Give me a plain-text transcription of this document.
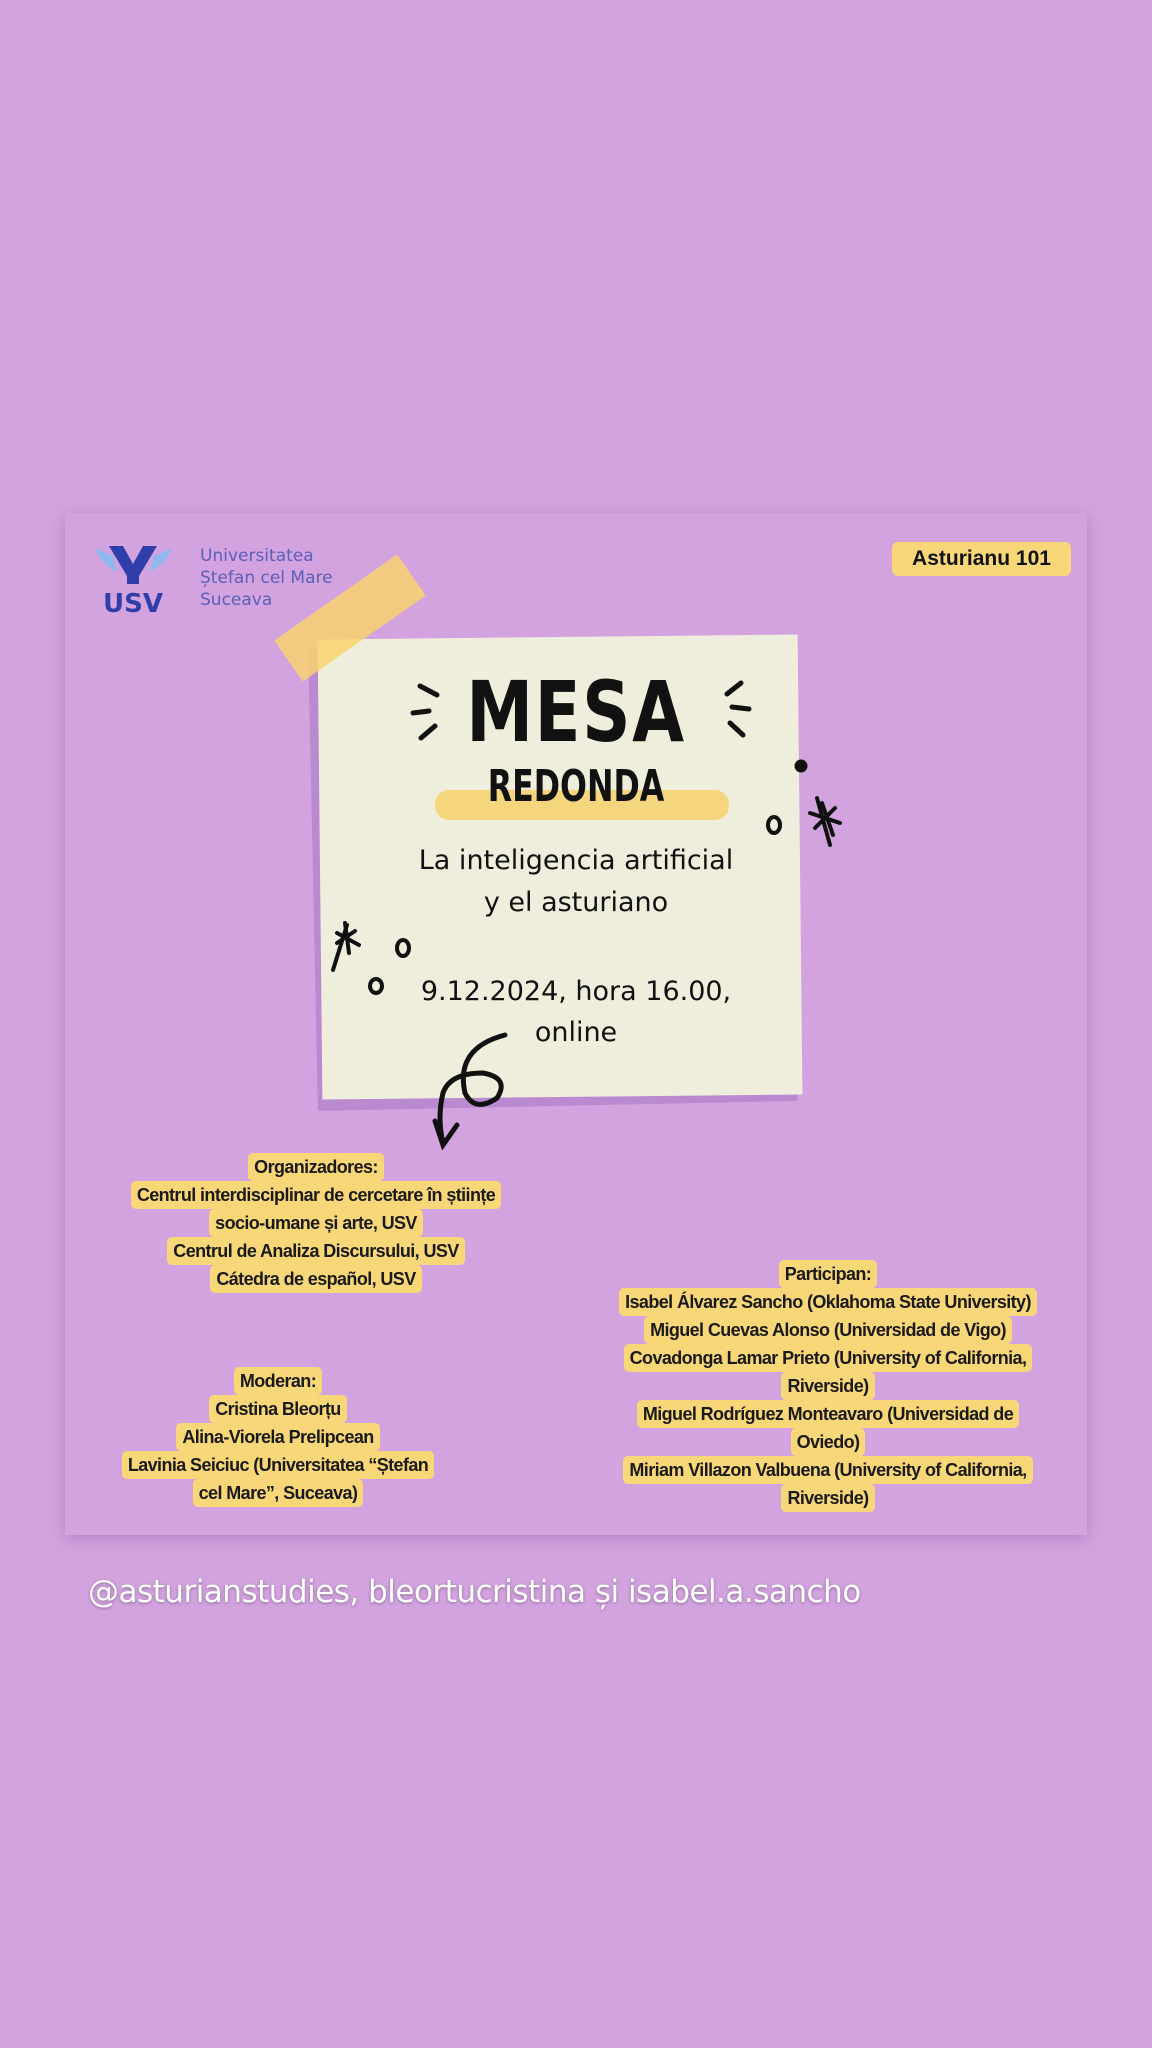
USV
Universitatea
Ștefan cel Mare
Suceava
Asturianu 101
MESA
REDONDA
La inteligencia artificial
y el asturiano
9.12.2024, hora 16.00,
online
Organizadores:
Centrul interdisciplinar de cercetare în științe
socio-umane și arte, USV
Centrul de Analiza Discursului, USV
Cátedra de español, USV	Participan:
Isabel Álvarez Sancho (Oklahoma State University)
Miguel Cuevas Alonso (Universidad de Vigo)
Covadonga Lamar Prieto (University of California,
Riverside)
Miguel Rodríguez Monteavaro (Universidad de
Oviedo)
Miriam Villazon Valbuena (University of California,
Riverside)
Moderan:
Cristina Bleorțu
Alina-Viorela Prelipcean
Lavinia Seiciuc (Universitatea “Ștefan
cel Mare”, Suceava)
@asturianstudies, bleortucristina și isabel.a.sancho
